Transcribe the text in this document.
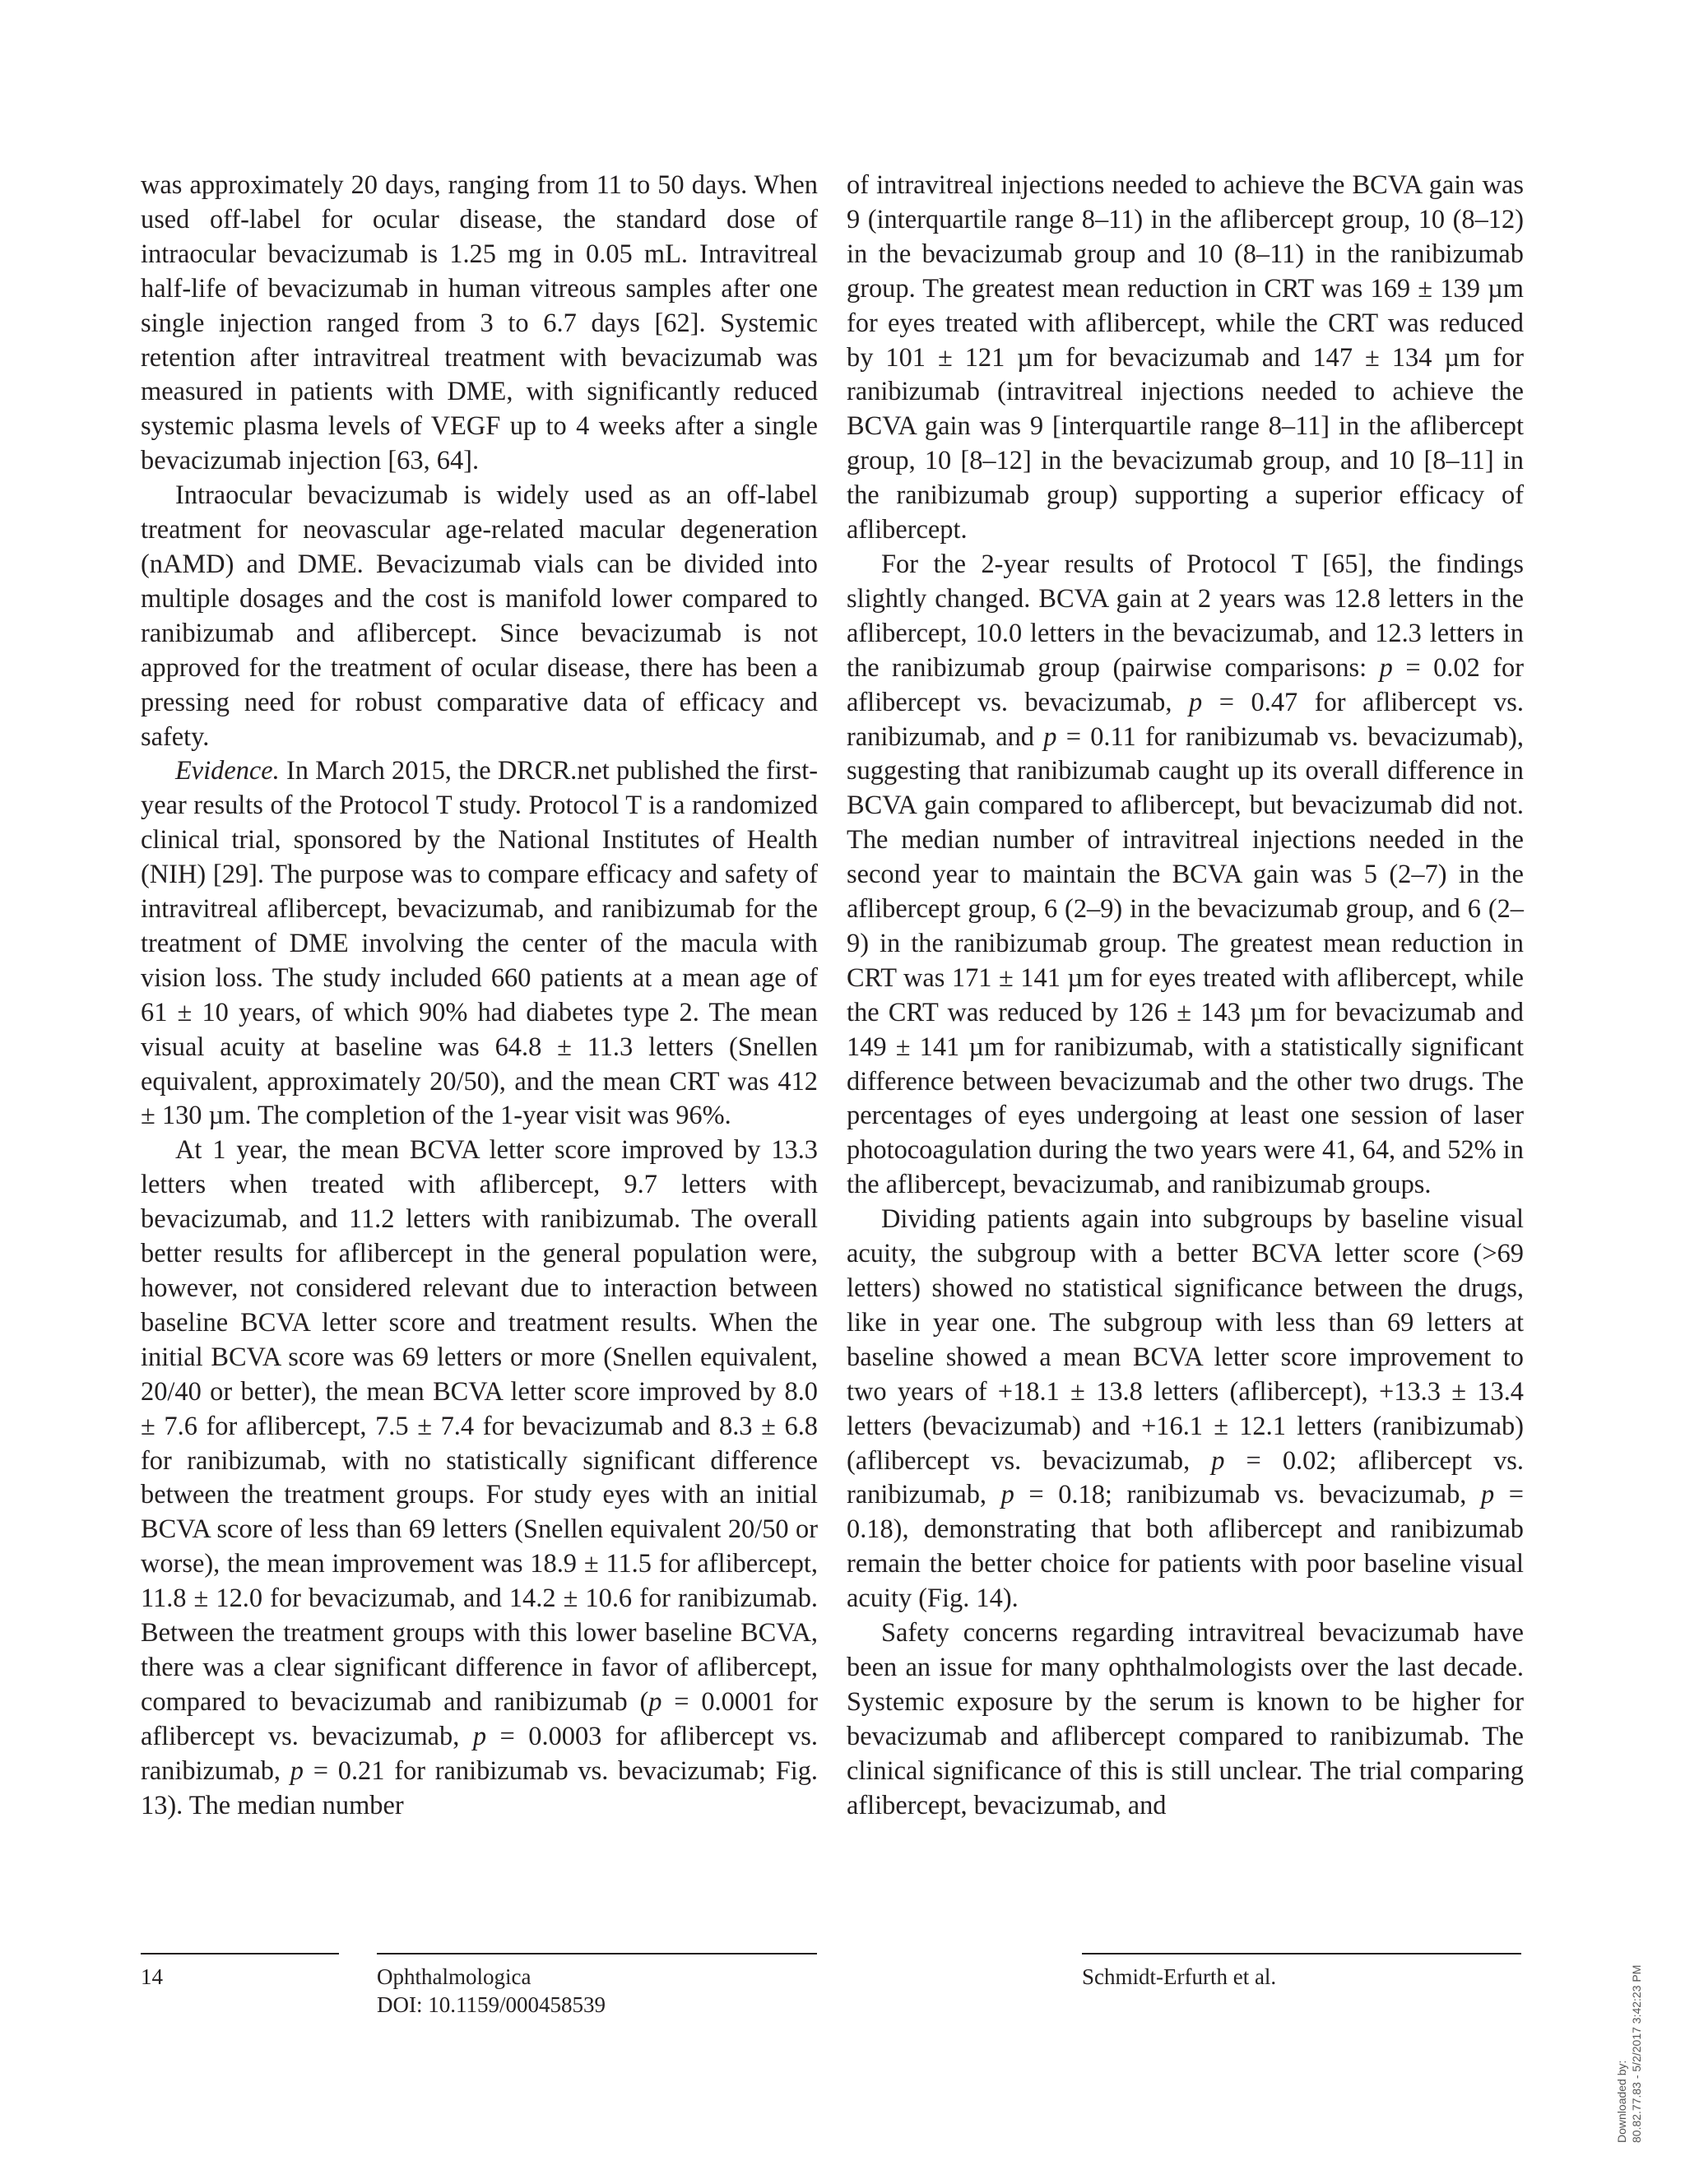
was approximately 20 days, ranging from 11 to 50 days. When used off-label for ocular disease, the standard dose of intraocular bevacizumab is 1.25 mg in 0.05 mL. Intravitreal half-life of bevacizumab in human vitreous samples after one single injection ranged from 3 to 6.7 days [62]. Systemic retention after intravitreal treatment with bevacizumab was measured in patients with DME, with significantly reduced systemic plasma levels of VEGF up to 4 weeks after a single bevacizumab injection [63, 64].

Intraocular bevacizumab is widely used as an off-label treatment for neovascular age-related macular degeneration (nAMD) and DME. Bevacizumab vials can be divided into multiple dosages and the cost is manifold lower compared to ranibizumab and aflibercept. Since bevacizumab is not approved for the treatment of ocular disease, there has been a pressing need for robust comparative data of efficacy and safety.

Evidence. In March 2015, the DRCR.net published the first-year results of the Protocol T study. Protocol T is a randomized clinical trial, sponsored by the National Institutes of Health (NIH) [29]. The purpose was to compare efficacy and safety of intravitreal aflibercept, bevacizumab, and ranibizumab for the treatment of DME involving the center of the macula with vision loss. The study included 660 patients at a mean age of 61 ± 10 years, of which 90% had diabetes type 2. The mean visual acuity at baseline was 64.8 ± 11.3 letters (Snellen equivalent, approximately 20/50), and the mean CRT was 412 ± 130 µm. The completion of the 1-year visit was 96%.

At 1 year, the mean BCVA letter score improved by 13.3 letters when treated with aflibercept, 9.7 letters with bevacizumab, and 11.2 letters with ranibizumab. The overall better results for aflibercept in the general population were, however, not considered relevant due to interaction between baseline BCVA letter score and treatment results. When the initial BCVA score was 69 letters or more (Snellen equivalent, 20/40 or better), the mean BCVA letter score improved by 8.0 ± 7.6 for aflibercept, 7.5 ± 7.4 for bevacizumab and 8.3 ± 6.8 for ranibizumab, with no statistically significant difference between the treatment groups. For study eyes with an initial BCVA score of less than 69 letters (Snellen equivalent 20/50 or worse), the mean improvement was 18.9 ± 11.5 for aflibercept, 11.8 ± 12.0 for bevacizumab, and 14.2 ± 10.6 for ranibizumab. Between the treatment groups with this lower baseline BCVA, there was a clear significant difference in favor of aflibercept, compared to bevacizumab and ranibizumab (p = 0.0001 for aflibercept vs. bevacizumab, p = 0.0003 for aflibercept vs. ranibizumab, p = 0.21 for ranibizumab vs. bevacizumab; Fig. 13). The median number

of intravitreal injections needed to achieve the BCVA gain was 9 (interquartile range 8–11) in the aflibercept group, 10 (8–12) in the bevacizumab group and 10 (8–11) in the ranibizumab group. The greatest mean reduction in CRT was 169 ± 139 µm for eyes treated with aflibercept, while the CRT was reduced by 101 ± 121 µm for bevacizumab and 147 ± 134 µm for ranibizumab (intravitreal injections needed to achieve the BCVA gain was 9 [interquartile range 8–11] in the aflibercept group, 10 [8–12] in the bevacizumab group, and 10 [8–11] in the ranibizumab group) supporting a superior efficacy of aflibercept.

For the 2-year results of Protocol T [65], the findings slightly changed. BCVA gain at 2 years was 12.8 letters in the aflibercept, 10.0 letters in the bevacizumab, and 12.3 letters in the ranibizumab group (pairwise comparisons: p = 0.02 for aflibercept vs. bevacizumab, p = 0.47 for aflibercept vs. ranibizumab, and p = 0.11 for ranibizumab vs. bevacizumab), suggesting that ranibizumab caught up its overall difference in BCVA gain compared to aflibercept, but bevacizumab did not. The median number of intravitreal injections needed in the second year to maintain the BCVA gain was 5 (2–7) in the aflibercept group, 6 (2–9) in the bevacizumab group, and 6 (2–9) in the ranibizumab group. The greatest mean reduction in CRT was 171 ± 141 µm for eyes treated with aflibercept, while the CRT was reduced by 126 ± 143 µm for bevacizumab and 149 ± 141 µm for ranibizumab, with a statistically significant difference between bevacizumab and the other two drugs. The percentages of eyes undergoing at least one session of laser photocoagulation during the two years were 41, 64, and 52% in the aflibercept, bevacizumab, and ranibizumab groups.

Dividing patients again into subgroups by baseline visual acuity, the subgroup with a better BCVA letter score (>69 letters) showed no statistical significance between the drugs, like in year one. The subgroup with less than 69 letters at baseline showed a mean BCVA letter score improvement to two years of +18.1 ± 13.8 letters (aflibercept), +13.3 ± 13.4 letters (bevacizumab) and +16.1 ± 12.1 letters (ranibizumab) (aflibercept vs. bevacizumab, p = 0.02; aflibercept vs. ranibizumab, p = 0.18; ranibizumab vs. bevacizumab, p = 0.18), demonstrating that both aflibercept and ranibizumab remain the better choice for patients with poor baseline visual acuity (Fig. 14).

Safety concerns regarding intravitreal bevacizumab have been an issue for many ophthalmologists over the last decade. Systemic exposure by the serum is known to be higher for bevacizumab and aflibercept compared to ranibizumab. The clinical significance of this is still unclear. The trial comparing aflibercept, bevacizumab, and

14	Ophthalmologica
DOI: 10.1159/000458539
Schmidt-Erfurth et al.
Downloaded by: 80.82.77.83 - 5/2/2017 3:42:23 PM
